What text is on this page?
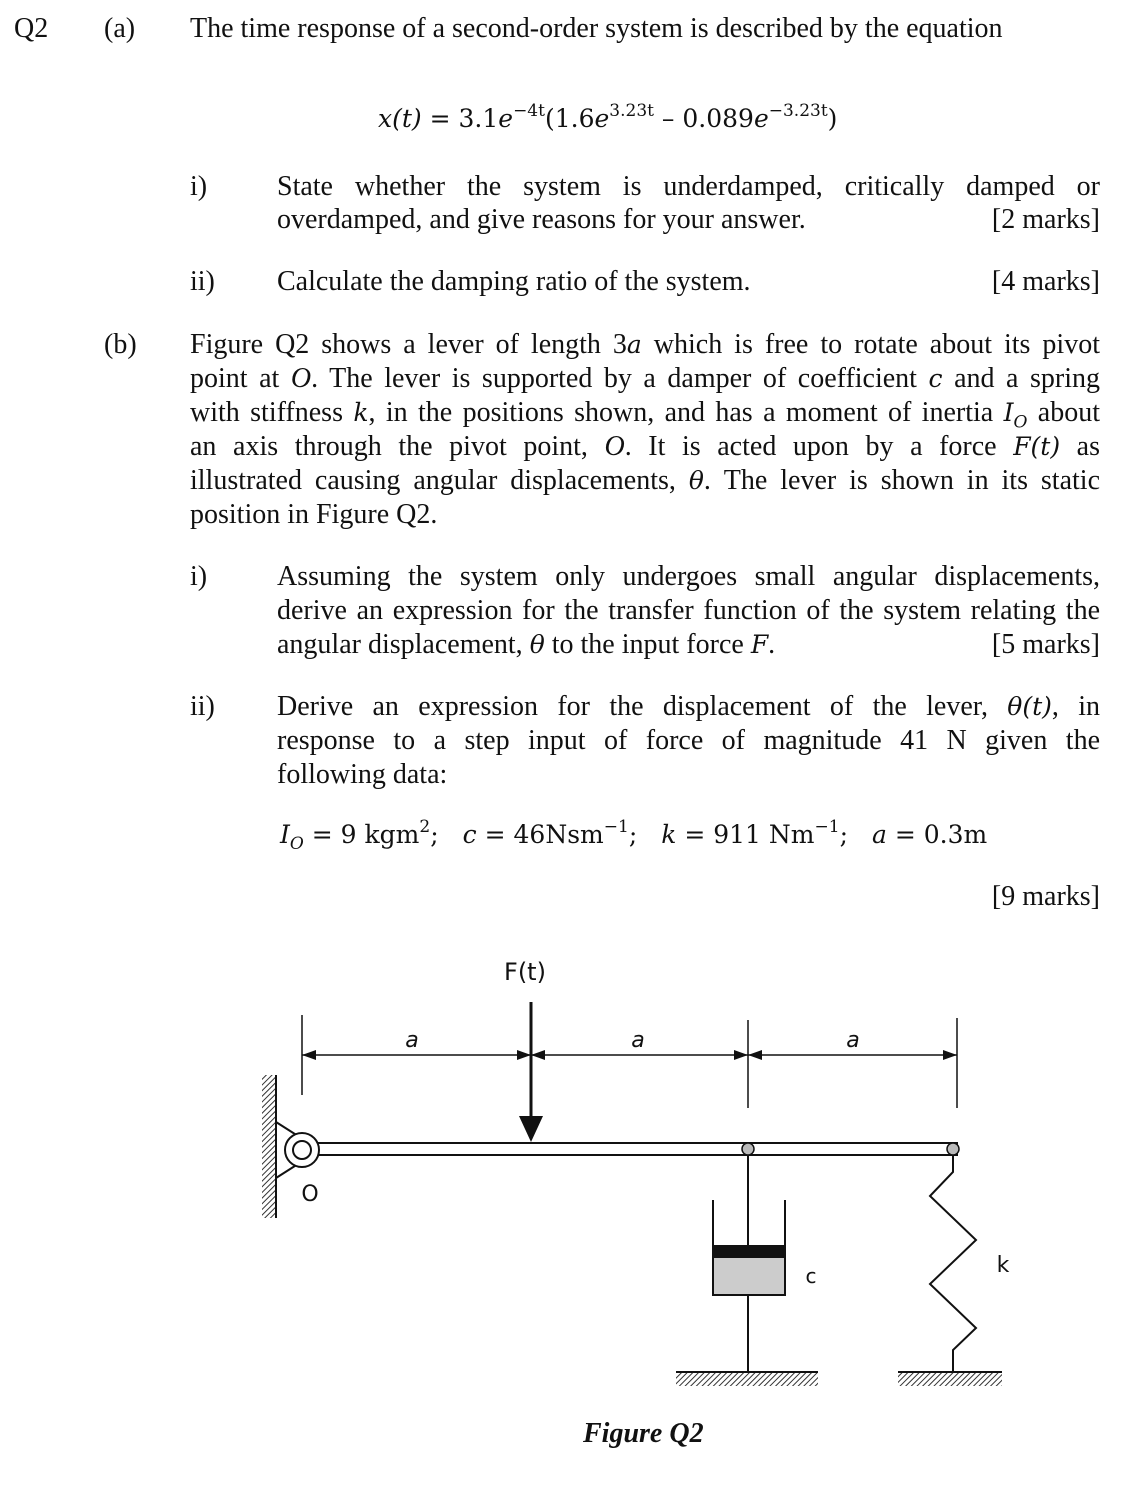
Q2 (a) The time response of a second-order system is described by the equation
$x(t) = 3.1e^{-4t}(1.6e^{3.23t} - 0.089e^{-3.23t})$
i) State whether the system is underdamped, critically damped or
overdamped, and give reasons for your answer.	[2 marks]
ii) Calculate the damping ratio of the system.	[4 marks]
(b) Figure Q2 shows a lever of length 3a which is free to rotate about its pivot
point at O. The lever is supported by a damper of coefficient c and a spring
with stiffness k, in the positions shown, and has a moment of inertia $I_O$ about
an axis through the pivot point, O. It is acted upon by a force F(t) as
illustrated causing angular displacements, θ. The lever is shown in its static
position in Figure Q2.
i) Assuming the system only undergoes small angular displacements,
derive an expression for the transfer function of the system relating the
angular displacement, θ to the input force F.	[5 marks]
ii) Derive an expression for the displacement of the lever, θ(t), in
response to a step input of force of magnitude 41 N given the
following data:
$I_O = 9$ kgm$^2$; c = 46Nsm$^{-1}$; k = 911 $Nm^{-1}$; a = 0.3m
[9 marks]
F(t)
a	a	a
O
c	k
Figure Q2
